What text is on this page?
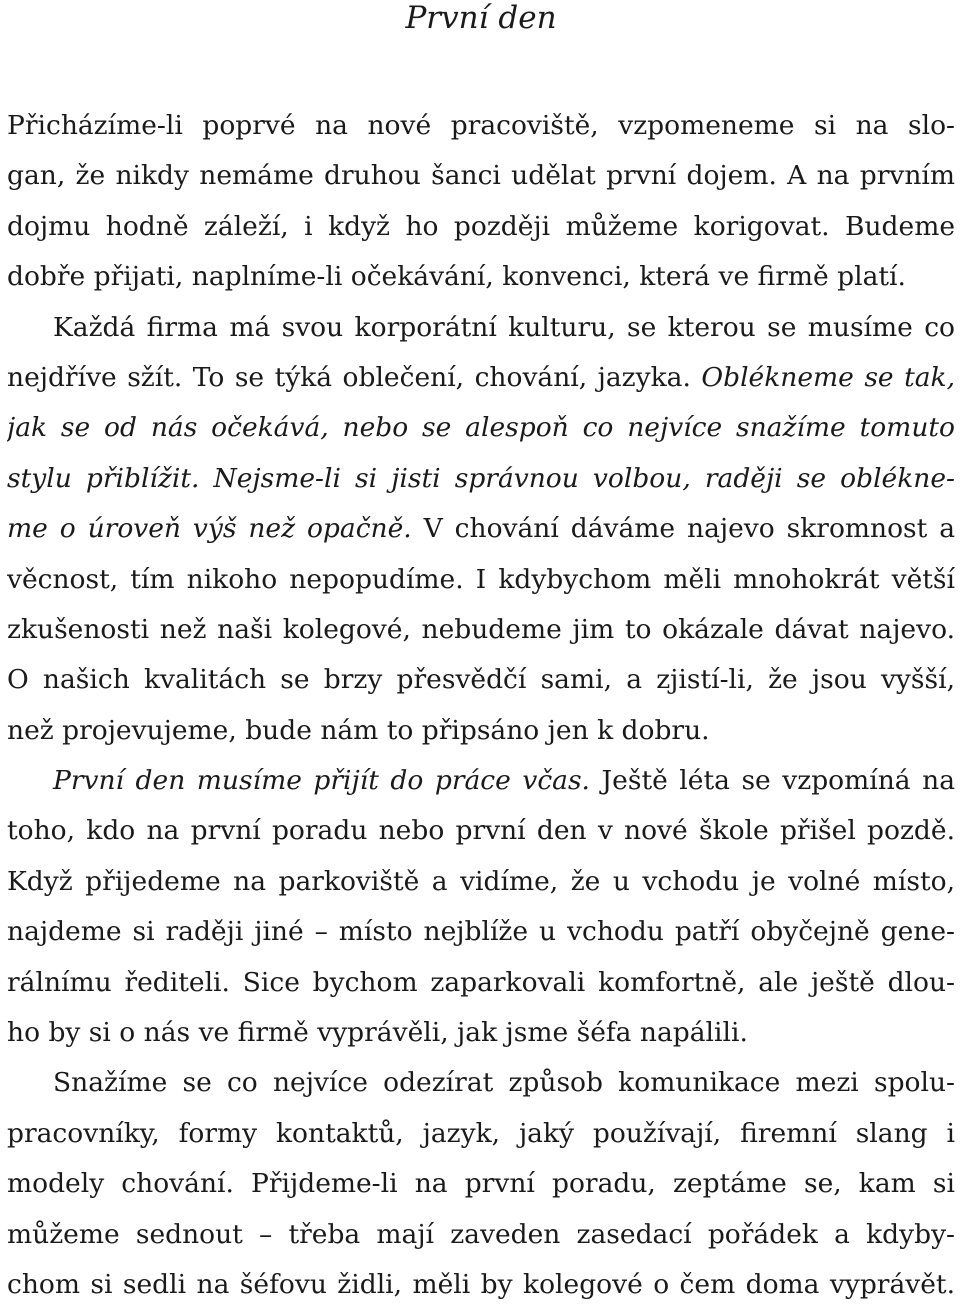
První den
Přicházíme-li poprvé na nové pracoviště, vzpomeneme si na slo-
gan, že nikdy nemáme druhou šanci udělat první dojem. A na prvním
dojmu hodně záleží, i když ho později můžeme korigovat. Budeme
dobře přijati, naplníme-li očekávání, konvenci, která ve firmě platí.
Každá firma má svou korporátní kulturu, se kterou se musíme co
nejdříve sžít. To se týká oblečení, chování, jazyka. Oblékneme se tak,
jak se od nás očekává, nebo se alespoň co nejvíce snažíme tomuto
stylu přiblížit. Nejsme-li si jisti správnou volbou, raději se oblékne-
me o úroveň výš než opačně. V chování dáváme najevo skromnost a
věcnost, tím nikoho nepopudíme. I kdybychom měli mnohokrát větší
zkušenosti než naši kolegové, nebudeme jim to okázale dávat najevo.
O našich kvalitách se brzy přesvědčí sami, a zjistí-li, že jsou vyšší,
než projevujeme, bude nám to připsáno jen k dobru.
První den musíme přijít do práce včas. Ještě léta se vzpomíná na
toho, kdo na první poradu nebo první den v nové škole přišel pozdě.
Když přijedeme na parkoviště a vidíme, že u vchodu je volné místo,
najdeme si raději jiné – místo nejblíže u vchodu patří obyčejně gene-
rálnímu řediteli. Sice bychom zaparkovali komfortně, ale ještě dlou-
ho by si o nás ve firmě vyprávěli, jak jsme šéfa napálili.
Snažíme se co nejvíce odezírat způsob komunikace mezi spolu-
pracovníky, formy kontaktů, jazyk, jaký používají, firemní slang i
modely chování. Přijdeme-li na první poradu, zeptáme se, kam si
můžeme sednout – třeba mají zaveden zasedací pořádek a kdyby-
chom si sedli na šéfovu židli, měli by kolegové o čem doma vyprávět.
